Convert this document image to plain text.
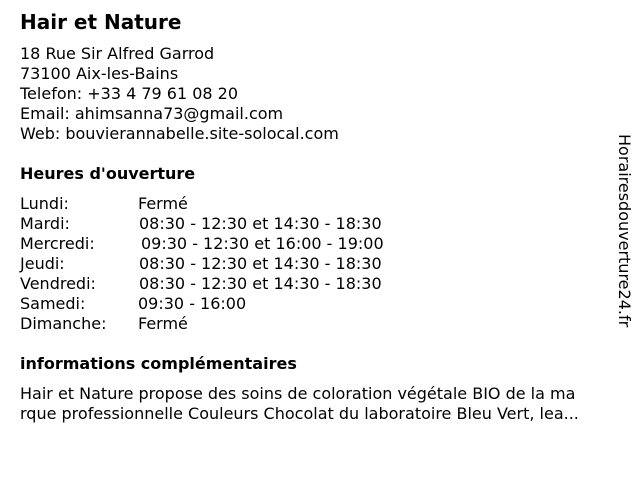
Hair et Nature
18 Rue Sir Alfred Garrod
73100 Aix-les-Bains
Telefon: +33 4 79 61 08 20
Email: ahimsanna73@gmail.com
Web: bouvierannabelle.site-solocal.com
Heures d'ouverture
Lundi:	Fermé
Mardi:	08:30 - 12:30 et 14:30 - 18:30
Mercredi:	09:30 - 12:30 et 16:00 - 19:00
Jeudi:	08:30 - 12:30 et 14:30 - 18:30
Vendredi:	08:30 - 12:30 et 14:30 - 18:30
Samedi:	09:30 - 16:00
Dimanche: Fermé
informations complémentaires
Hair et Nature propose des soins de coloration végétale BIO de la ma
rque professionnelle Couleurs Chocolat du laboratoire Bleu Vert, lea...
Horairesdouverture24.fr
